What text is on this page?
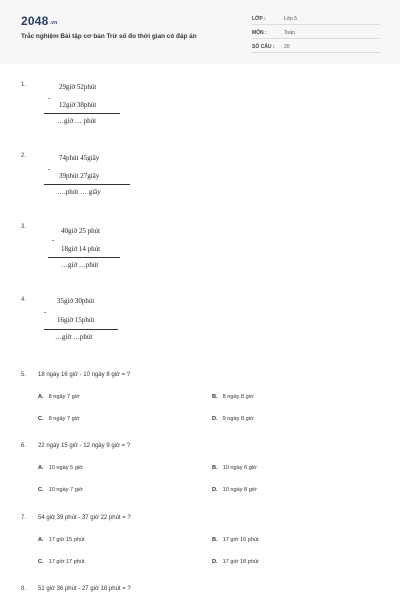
2048.vn
Trắc nghiệm Bài tập cơ bản Trừ số đo thời gian có đáp án
LỚP :	Lớp 5
MÔN :	Toán
SỐ CÂU : 20
1.
-
29giờ 52phút
12giờ 38phút
…giờ … phút
2.
-
74phút 45giây
39phút 27giây
….phút … giây
3.
-
40giờ 25 phút
18giờ 14 phút
…giờ …phút
4.
-
35giờ 30phút
16giờ 15phút
…giờ …phút
5. 18 ngày 16 giờ - 10 ngày 8 giờ = ?
A. 8 ngày 7 giờ	B. 8 ngày 8 giờ
C. 9 ngày 7 giờ	D. 9 ngày 8 giờ
6. 22 ngày 15 giờ - 12 ngày 9 giờ = ?
A. 10 ngày 5 giờ	B. 10 ngày 6 giờ
C. 10 ngày 7 giờ	D. 10 ngày 8 giờ
7. 54 giờ 39 phút - 37 giờ 22 phút = ?
A. 17 giờ 15 phút	B. 17 giờ 16 phút
C. 17 giờ 17 phút	D. 17 giờ 18 phút
8. 51 giờ 36 phút - 27 giờ 18 phút = ?
